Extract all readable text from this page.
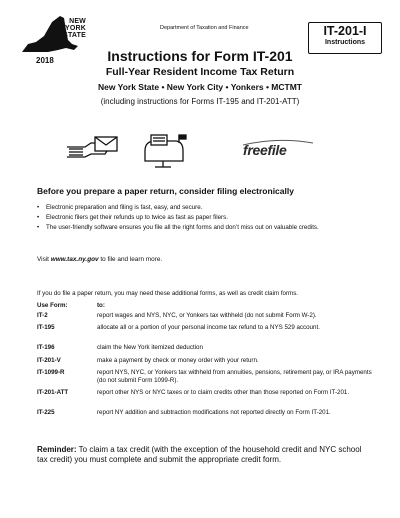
NEW
YORK
STATE
2018
Department of Taxation and Finance	IT-201-I
Instructions
Instructions for Form IT-201
Full-Year Resident Income Tax Return
New York State • New York City • Yonkers • MCTMT
(including instructions for Forms IT-195 and IT-201-ATT)
freefile
Before you prepare a paper return, consider filing electronically
• Electronic preparation and filing is fast, easy, and secure.
• Electronic filers get their refunds up to twice as fast as paper filers.
• The user-friendly software ensures you file all the right forms and don’t miss out on valuable credits.
Visit www.tax.ny.gov to file and learn more.
If you do file a paper return, you may need these additional forms, as well as credit claim forms.
Use Form:	to:
IT-2	report wages and NYS, NYC, or Yonkers tax withheld (do not submit Form W-2).
IT-195	allocate all or a portion of your personal income tax refund to a NYS 529 account.
IT-196	claim the New York itemized deduction
IT-201-V	make a payment by check or money order with your return.
IT-1099-R	report NYS, NYC, or Yonkers tax withheld from annuities, pensions, retirement pay, or IRA payments (do not submit Form 1099-R).
IT-201-ATT	report other NYS or NYC taxes or to claim credits other than those reported on Form IT-201.
IT-225	report NY addition and subtraction modifications not reported directly on Form IT-201.
Reminder: To claim a tax credit (with the exception of the household credit and NYC school tax credit) you must complete and submit the appropriate credit form.
